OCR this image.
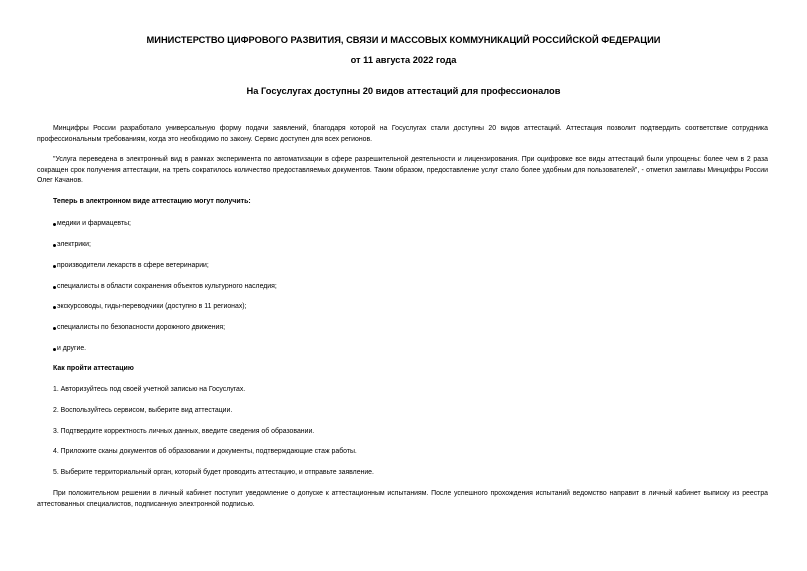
МИНИСТЕРСТВО ЦИФРОВОГО РАЗВИТИЯ, СВЯЗИ И МАССОВЫХ КОММУНИКАЦИЙ РОССИЙСКОЙ ФЕДЕРАЦИИ
от 11 августа 2022 года
На Госуслугах доступны 20 видов аттестаций для профессионалов
Минцифры России разработало универсальную форму подачи заявлений, благодаря которой на Госуслугах стали доступны 20 видов аттестаций. Аттестация позволит подтвердить соответствие сотрудника профессиональным требованиям, когда это необходимо по закону. Сервис доступен для всех регионов.
"Услуга переведена в электронный вид в рамках эксперимента по автоматизации в сфере разрешительной деятельности и лицензирования. При оцифровке все виды аттестаций были упрощены: более чем в 2 раза сокращен срок получения аттестации, на треть сократилось количество предоставляемых документов. Таким образом, предоставление услуг стало более удобным для пользователей", - отметил замглавы Минцифры России Олег Качанов.
Теперь в электронном виде аттестацию могут получить:
медики и фармацевты;
электрики;
производители лекарств в сфере ветеринарии;
специалисты в области сохранения объектов культурного наследия;
экскурсоводы, гиды-переводчики (доступно в 11 регионах);
специалисты по безопасности дорожного движения;
и другие.
Как пройти аттестацию
1. Авторизуйтесь под своей учетной записью на Госуслугах.
2. Воспользуйтесь сервисом, выберите вид аттестации.
3. Подтвердите корректность личных данных, введите сведения об образовании.
4. Приложите сканы документов об образовании и документы, подтверждающие стаж работы.
5. Выберите территориальный орган, который будет проводить аттестацию, и отправьте заявление.
При положительном решении в личный кабинет поступит уведомление о допуске к аттестационным испытаниям. После успешного прохождения испытаний ведомство направит в личный кабинет выписку из реестра аттестованных специалистов, подписанную электронной подписью.
